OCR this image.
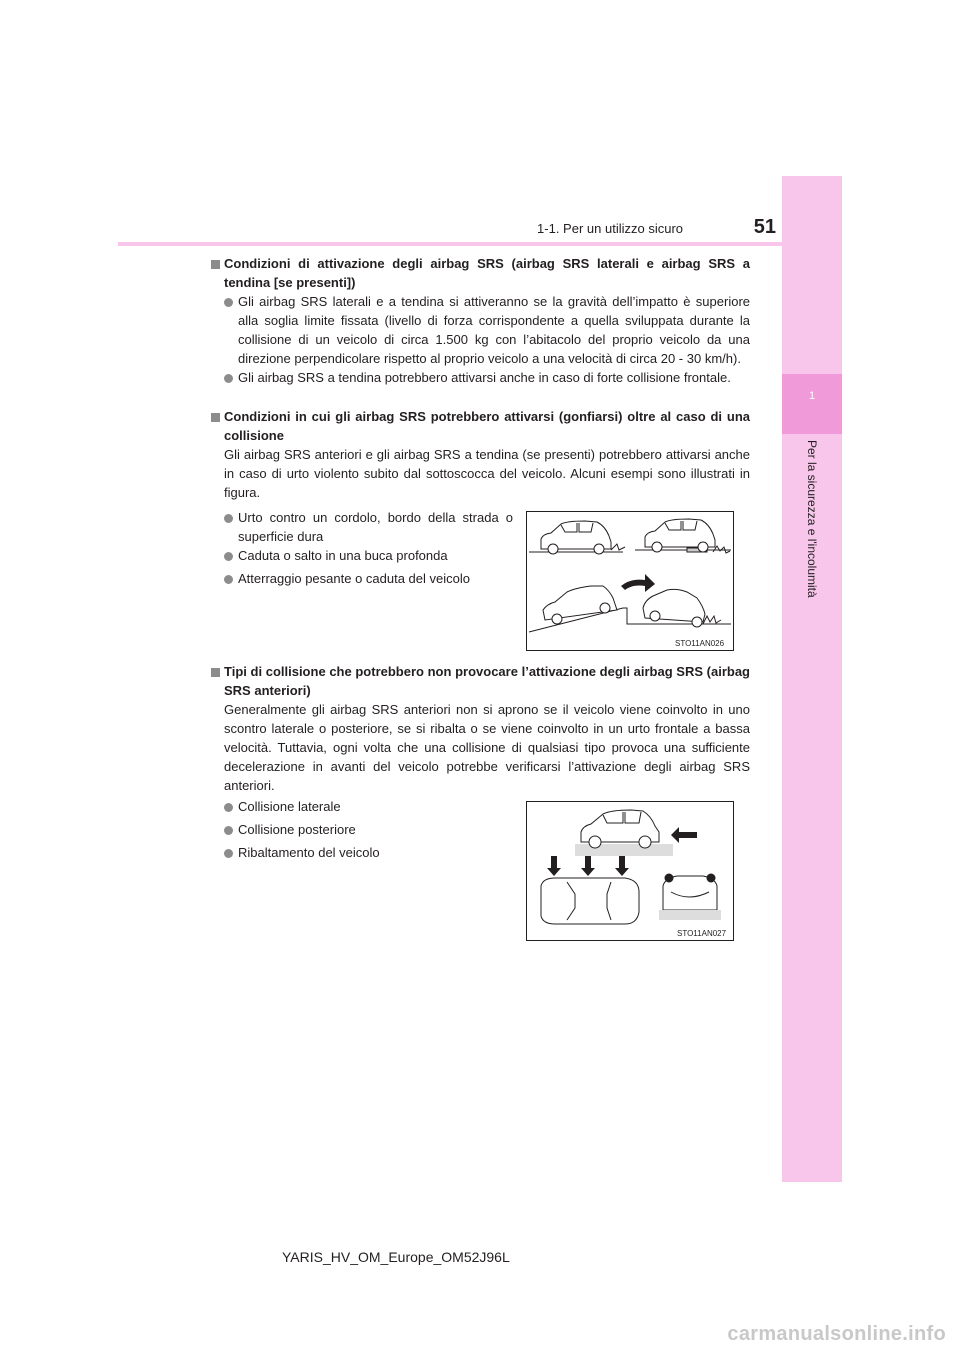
1
Per la sicurezza e l'incolumità
1-1. Per un utilizzo sicuro	51
Condizioni di attivazione degli airbag SRS (airbag SRS laterali e airbag SRS a tendina [se presenti])
Gli airbag SRS laterali e a tendina si attiveranno se la gravità dell’impatto è superiore alla soglia limite fissata (livello di forza corrispondente a quella sviluppata durante la collisione di un veicolo di circa 1.500 kg con l’abitacolo del proprio veicolo da una direzione perpendicolare rispetto al proprio veicolo a una velocità di circa 20 - 30 km/h).
Gli airbag SRS a tendina potrebbero attivarsi anche in caso di forte collisione frontale.
Condizioni in cui gli airbag SRS potrebbero attivarsi (gonfiarsi) oltre al caso di una collisione
Gli airbag SRS anteriori e gli airbag SRS a tendina (se presenti) potrebbero attivarsi anche in caso di urto violento subito dal sottoscocca del veicolo. Alcuni esempi sono illustrati in figura.
Urto contro un cordolo, bordo della strada o superficie dura
Caduta o salto in una buca profonda
Atterraggio pesante o caduta del veicolo
STO11AN026
Tipi di collisione che potrebbero non provocare l’attivazione degli airbag SRS (airbag SRS anteriori)
Generalmente gli airbag SRS anteriori non si aprono se il veicolo viene coinvolto in uno scontro laterale o posteriore, se si ribalta o se viene coinvolto in un urto frontale a bassa velocità. Tuttavia, ogni volta che una collisione di qualsiasi tipo provoca una sufficiente decelerazione in avanti del veicolo potrebbe verificarsi l’attivazione degli airbag SRS anteriori.
Collisione laterale
Collisione posteriore
Ribaltamento del veicolo
STO11AN027
YARIS_HV_OM_Europe_OM52J96L
carmanualsonline.info
